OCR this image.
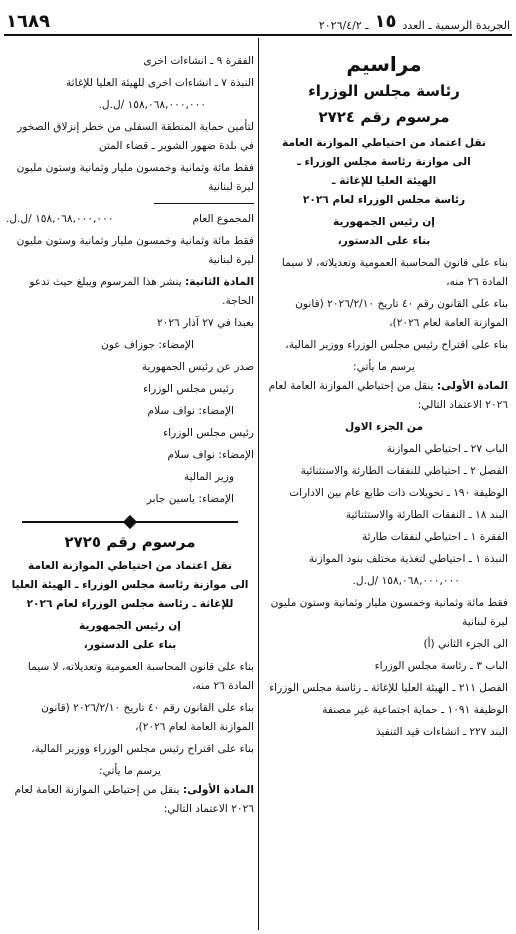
الجريدة الرسمية ـ العدد
١٥
ـ ٢٠٢٦/٤/٢
١٦٨٩
مراسيم
رئاسة مجلس الوزراء
مرسوم رقم ٢٧٢٤

نقل اعتماد من احتياطي الموازنة العامة

الى موازنة رئاسة مجلس الوزراء ـ

الهيئة العليا للإغاثة ـ

رئاسة مجلس الوزراء لعام ٢٠٢٦

إن رئيس الجمهورية

بناء على الدستور،

بناء على قانون المحاسبة العمومية وتعديلاته، لا سيما المادة ٢٦ منه،

بناء على القانون رقم ٤٠ تاريخ ٢٠٢٦/٢/١٠ (قانون الموازنة العامة لعام ٢٠٢٦)،

بناء على اقتراح رئيس مجلس الوزراء ووزير المالية،

يرسم ما يأتي:

المادة الأولى: ينقل من إحتياطي الموازنة العامة لعام ٢٠٢٦ الاعتماد التالي:

من الجزء الاول

الباب ٢٧ ـ احتياطي الموازنة

الفصل ٢ ـ احتياطي للنفقات الطارئة والاستثنائية

الوظيفة ١٩٠ ـ تحويلات ذات طابع عام بين الادارات

البند ١٨ ـ النفقات الطارئة والاستثنائية

الفقرة ١ ـ احتياطي لنفقات طارئة

النبذة ١ ـ احتياطي لتغذية مختلف بنود الموازنة

١٥٨,٠٦٨,٠٠٠,٠٠٠ /ل.ل.

فقط مائة وثمانية وخمسون مليار وثمانية وستون مليون ليرة لبنانية

الى الجزء الثاني (أ)

الباب ٣ ـ رئاسة مجلس الوزراء

الفصل ٢١١ ـ الهيئة العليا للإغاثة ـ رئاسة مجلس الوزراء

الوظيفة ١٠٩١ ـ حماية اجتماعية غير مصنفة

البند ٢٢٧ ـ انشاءات قيد التنفيذ

الفقرة ٩ ـ انشاءات اخرى

النبذة ٧ ـ انشاءات اخرى للهيئة العليا للإغاثة

١٥٨,٠٦٨,٠٠٠,٠٠٠ /ل.ل.

لتأمين حماية المنطقة السفلى من خطر إنزلاق الصخور في بلدة ضهور الشوير ـ قضاء المتن

فقط مائة وثمانية وخمسون مليار وثمانية وستون مليون ليرة لبنانية

المجموع العام
١٥٨,٠٦٨,٠٠٠,٠٠٠ /ل.ل.

فقط مائة وثمانية وخمسون مليار وثمانية وستون مليون ليرة لبنانية

المادة الثانية: ينشر هذا المرسوم ويبلغ حيث تدعو الحاجة.

بعبدا في ٢٧ آذار ٢٠٢٦

الإمضاء: جوزاف عون

صدر عن رئيس الجمهورية

رئيس مجلس الوزراء

الإمضاء: نواف سلام

رئيس مجلس الوزراء

الإمضاء: نواف سلام

وزير المالية

الإمضاء: ياسين جابر

مرسوم رقم ٢٧٢٥

نقل اعتماد من احتياطي الموازنة العامة

الى موازنة رئاسة مجلس الوزراء ـ الهيئة العليا

للإغاثة ـ رئاسة مجلس الوزراء لعام ٢٠٢٦

إن رئيس الجمهورية

بناء على الدستور،

بناء على قانون المحاسبة العمومية وتعديلاته، لا سيما المادة ٢٦ منه،

بناء على القانون رقم ٤٠ تاريخ ٢٠٢٦/٢/١٠ (قانون الموازنة العامة لعام ٢٠٢٦)،

بناء على اقتراح رئيس مجلس الوزراء ووزير المالية،

يرسم ما يأتي:

المادة الأولى: ينقل من إحتياطي الموازنة العامة لعام ٢٠٢٦ الاعتماد التالي:
